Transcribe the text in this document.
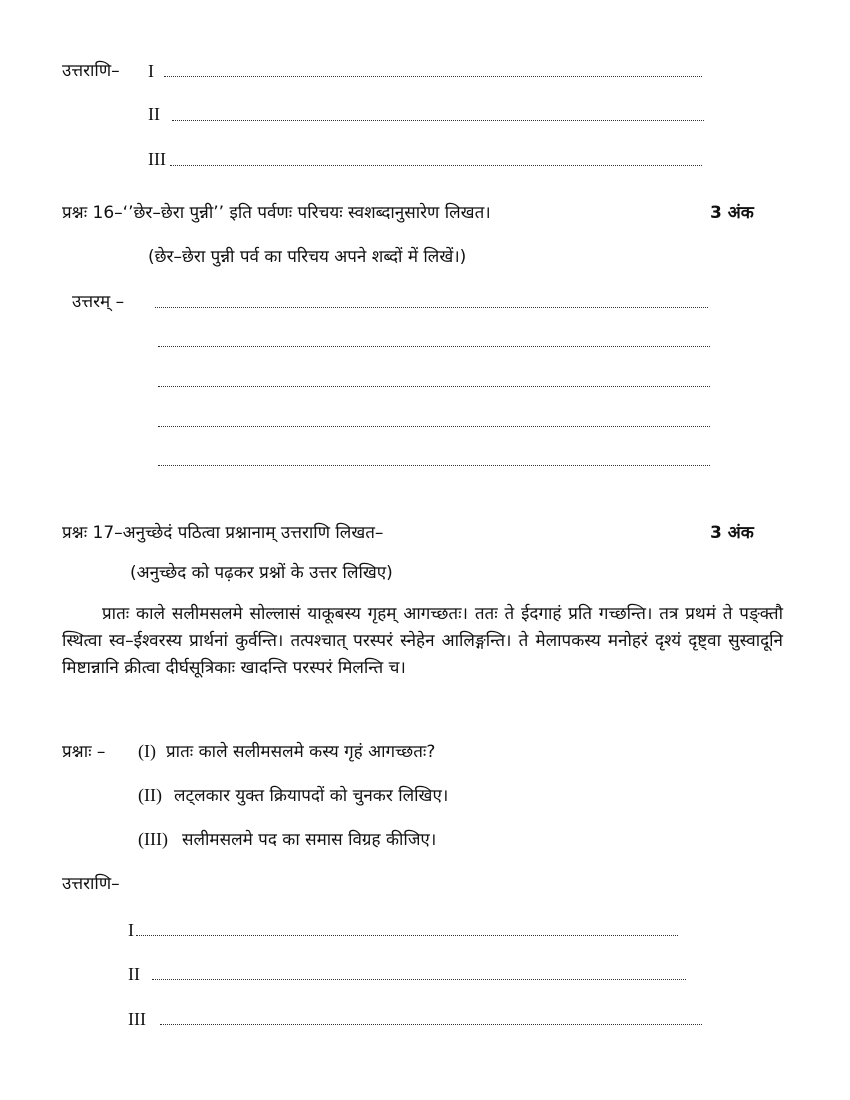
उत्तराणि– I
II
III
प्रश्नः 16–‘’छेर–छेरा पुन्नी’’ इति पर्वणः परिचयः स्वशब्दानुसारेण लिखत।	3 अंक
(छेर–छेरा पुन्नी पर्व का परिचय अपने शब्दों में लिखें।)
उत्तरम् –
प्रश्नः 17–अनुच्छेदं पठित्वा प्रश्नानाम् उत्तराणि लिखत–	3 अंक
(अनुच्छेद को पढ़कर प्रश्नों के उत्तर लिखिए)
प्रातः काले सलीमसलमे सोल्लासं याकूबस्य गृहम् आगच्छतः। ततः ते ईदगाहं प्रति गच्छन्ति। तत्र प्रथमं ते पङ्क्तौ स्थित्वा स्व–ईश्वरस्य प्रार्थनां कुर्वन्ति। तत्पश्चात् परस्परं स्नेहेन आलिङ्गन्ति। ते मेलापकस्य मनोहरं दृश्यं दृष्ट्वा सुस्वादूनि मिष्टान्नानि क्रीत्वा दीर्घसूत्रिकाः खादन्ति परस्परं मिलन्ति च।
प्रश्नाः – (I) प्रातः काले सलीमसलमे कस्य गृहं आगच्छतः?
(II) लट्लकार युक्त क्रियापदों को चुनकर लिखिए।
(III) सलीमसलमे पद का समास विग्रह कीजिए।
उत्तराणि–
I
II
III
